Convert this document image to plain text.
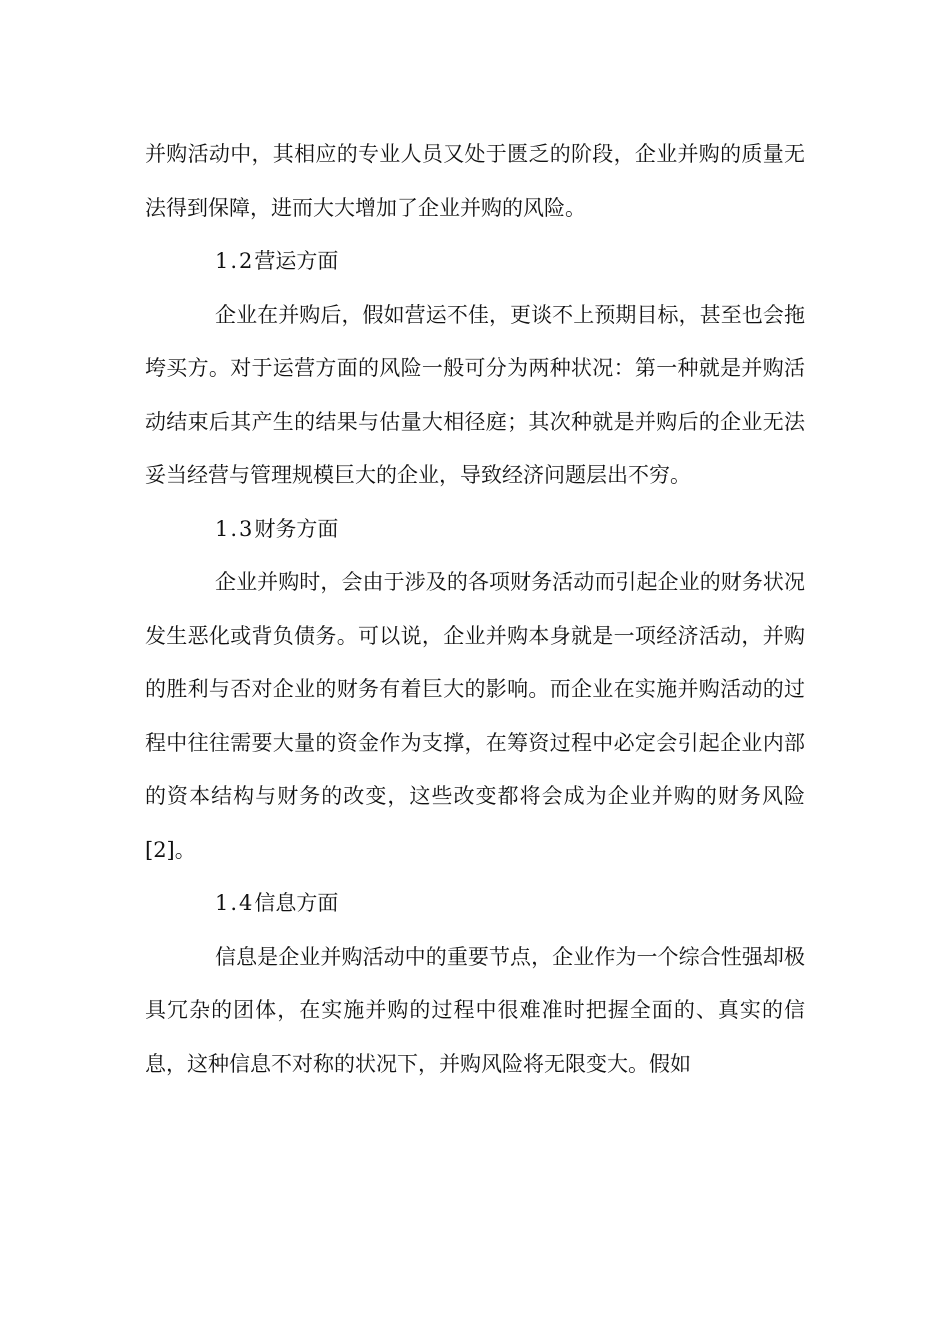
并购活动中，其相应的专业人员又处于匮乏的阶段，企业并购的质量无法得到保障，进而大大增加了企业并购的风险。

1.2营运方面

企业在并购后，假如营运不佳，更谈不上预期目标，甚至也会拖垮买方。对于运营方面的风险一般可分为两种状况：第一种就是并购活动结束后其产生的结果与估量大相径庭；其次种就是并购后的企业无法妥当经营与管理规模巨大的企业，导致经济问题层出不穷。

1.3财务方面

企业并购时，会由于涉及的各项财务活动而引起企业的财务状况发生恶化或背负债务。可以说，企业并购本身就是一项经济活动，并购的胜利与否对企业的财务有着巨大的影响。而企业在实施并购活动的过程中往往需要大量的资金作为支撑，在筹资过程中必定会引起企业内部的资本结构与财务的改变，这些改变都将会成为企业并购的财务风险[2]。

1.4信息方面

信息是企业并购活动中的重要节点，企业作为一个综合性强却极具冗杂的团体，在实施并购的过程中很难准时把握全面的、真实的信息，这种信息不对称的状况下，并购风险将无限变大。假如
